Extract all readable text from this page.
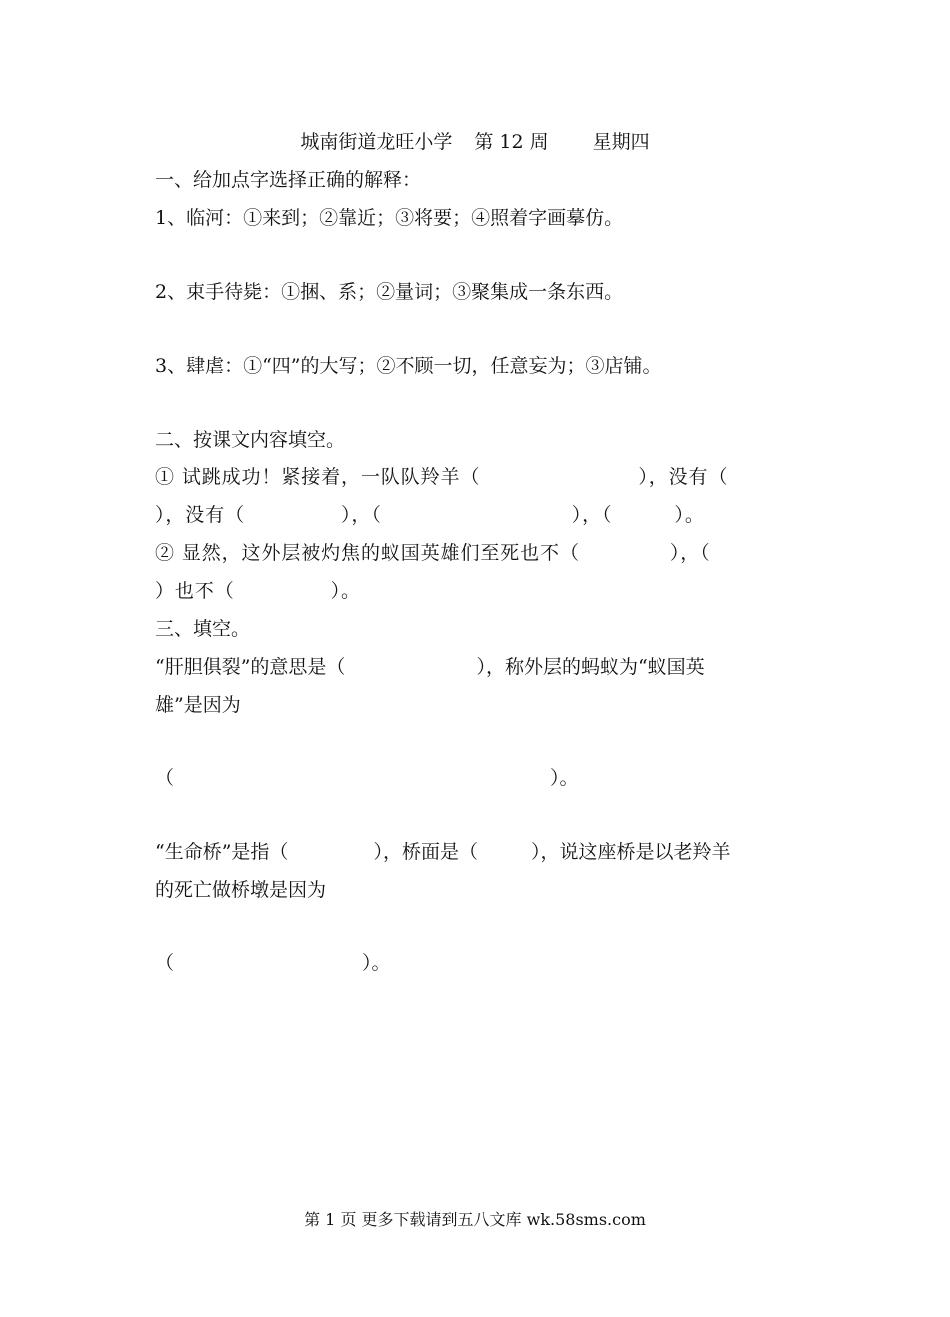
城南街道龙旺小学 第 12 周 星期四
一、给加点字选择正确的解释：
1、临河：①来到；②靠近；③将要；④照着字画摹仿。
2、束手待毙：①捆、系；②量词；③聚集成一条东西。
3、肆虐：①“四”的大写；②不顾一切，任意妄为；③店铺。
二、按课文内容填空。
① 试跳成功！紧接着，一队队羚羊（	），没有（
），没有（	），（	），（	）。
② 显然，这外层被灼焦的蚁国英雄们至死也不（	），（
）也不（	）。
三、填空。
“肝胆俱裂”的意思是（	），称外层的蚂蚁为“蚁国英
雄”是因为
（	）。
“生命桥”是指（	），桥面是（	），说这座桥是以老羚羊
的死亡做桥墩是因为
（	）。
第 1 页 更多下载请到五八文库 wk.58sms.com
